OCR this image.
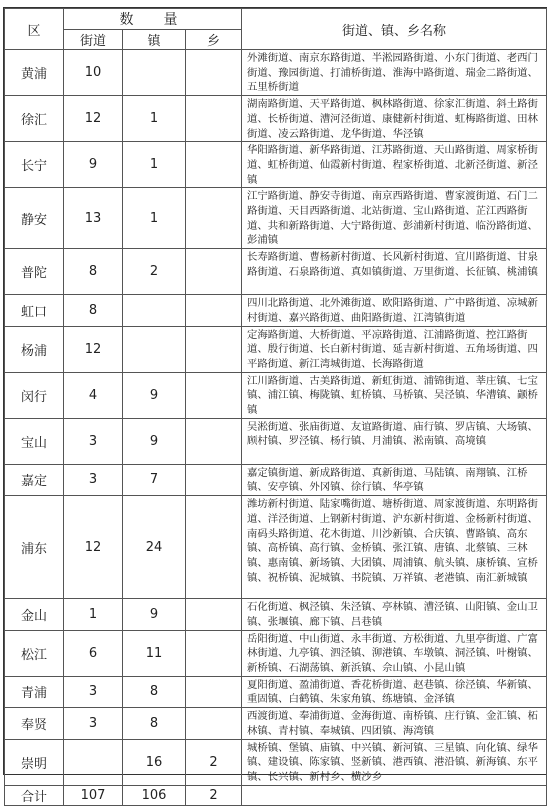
区	数　量			街道、镇、乡名称
	街道	镇	乡	
黄浦	10			外滩街道、南京东路街道、半淞园路街道、小东门街道、老西门街道、豫园街道、打浦桥街道、淮海中路街道、瑞金二路街道、五里桥街道
徐汇	12	1		湖南路街道、天平路街道、枫林路街道、徐家汇街道、斜土路街道、长桥街道、漕河泾街道、康健新村街道、虹梅路街道、田林街道、凌云路街道、龙华街道、华泾镇
长宁	9	1		华阳路街道、新华路街道、江苏路街道、天山路街道、周家桥街道、虹桥街道、仙霞新村街道、程家桥街道、北新泾街道、新泾镇
静安	13	1		江宁路街道、静安寺街道、南京西路街道、曹家渡街道、石门二路街道、天目西路街道、北站街道、宝山路街道、芷江西路街道、共和新路街道、大宁路街道、彭浦新村街道、临汾路街道、彭浦镇
普陀	8	2		长寿路街道、曹杨新村街道、长风新村街道、宜川路街道、甘泉路街道、石泉路街道、真如镇街道、万里街道、长征镇、桃浦镇
虹口	8			四川北路街道、北外滩街道、欧阳路街道、广中路街道、凉城新村街道、嘉兴路街道、曲阳路街道、江湾镇街道
杨浦	12			定海路街道、大桥街道、平凉路街道、江浦路街道、控江路街道、殷行街道、长白新村街道、延吉新村街道、五角场街道、四平路街道、新江湾城街道、长海路街道
闵行	4	9		江川路街道、古美路街道、新虹街道、浦锦街道、莘庄镇、七宝镇、浦江镇、梅陇镇、虹桥镇、马桥镇、吴泾镇、华漕镇、颛桥镇
宝山	3	9		吴淞街道、张庙街道、友谊路街道、庙行镇、罗店镇、大场镇、顾村镇、罗泾镇、杨行镇、月浦镇、淞南镇、高境镇
嘉定	3	7		嘉定镇街道、新成路街道、真新街道、马陆镇、南翔镇、江桥镇、安亭镇、外冈镇、徐行镇、华亭镇
浦东	12	24		潍坊新村街道、陆家嘴街道、塘桥街道、周家渡街道、东明路街道、洋泾街道、上钢新村街道、沪东新村街道、金杨新村街道、南码头路街道、花木街道、川沙新镇、合庆镇、曹路镇、高东镇、高桥镇、高行镇、金桥镇、张江镇、唐镇、北蔡镇、三林镇、惠南镇、新场镇、大团镇、周浦镇、航头镇、康桥镇、宣桥镇、祝桥镇、泥城镇、书院镇、万祥镇、老港镇、南汇新城镇
金山	1	9		石化街道、枫泾镇、朱泾镇、亭林镇、漕泾镇、山阳镇、金山卫镇、张堰镇、廊下镇、吕巷镇
松江	6	11		岳阳街道、中山街道、永丰街道、方松街道、九里亭街道、广富林街道、九亭镇、泗泾镇、泖港镇、车墩镇、洞泾镇、叶榭镇、新桥镇、石湖荡镇、新浜镇、佘山镇、小昆山镇
青浦	3	8		夏阳街道、盈浦街道、香花桥街道、赵巷镇、徐泾镇、华新镇、重固镇、白鹤镇、朱家角镇、练塘镇、金泽镇
奉贤	3	8		西渡街道、奉浦街道、金海街道、南桥镇、庄行镇、金汇镇、柘林镇、青村镇、奉城镇、四团镇、海湾镇
崇明		16	2	城桥镇、堡镇、庙镇、中兴镇、新河镇、三星镇、向化镇、绿华镇、建设镇、陈家镇、竖新镇、港西镇、港沿镇、新海镇、东平镇、长兴镇、新村乡、横沙乡
合计	107	106	2	
